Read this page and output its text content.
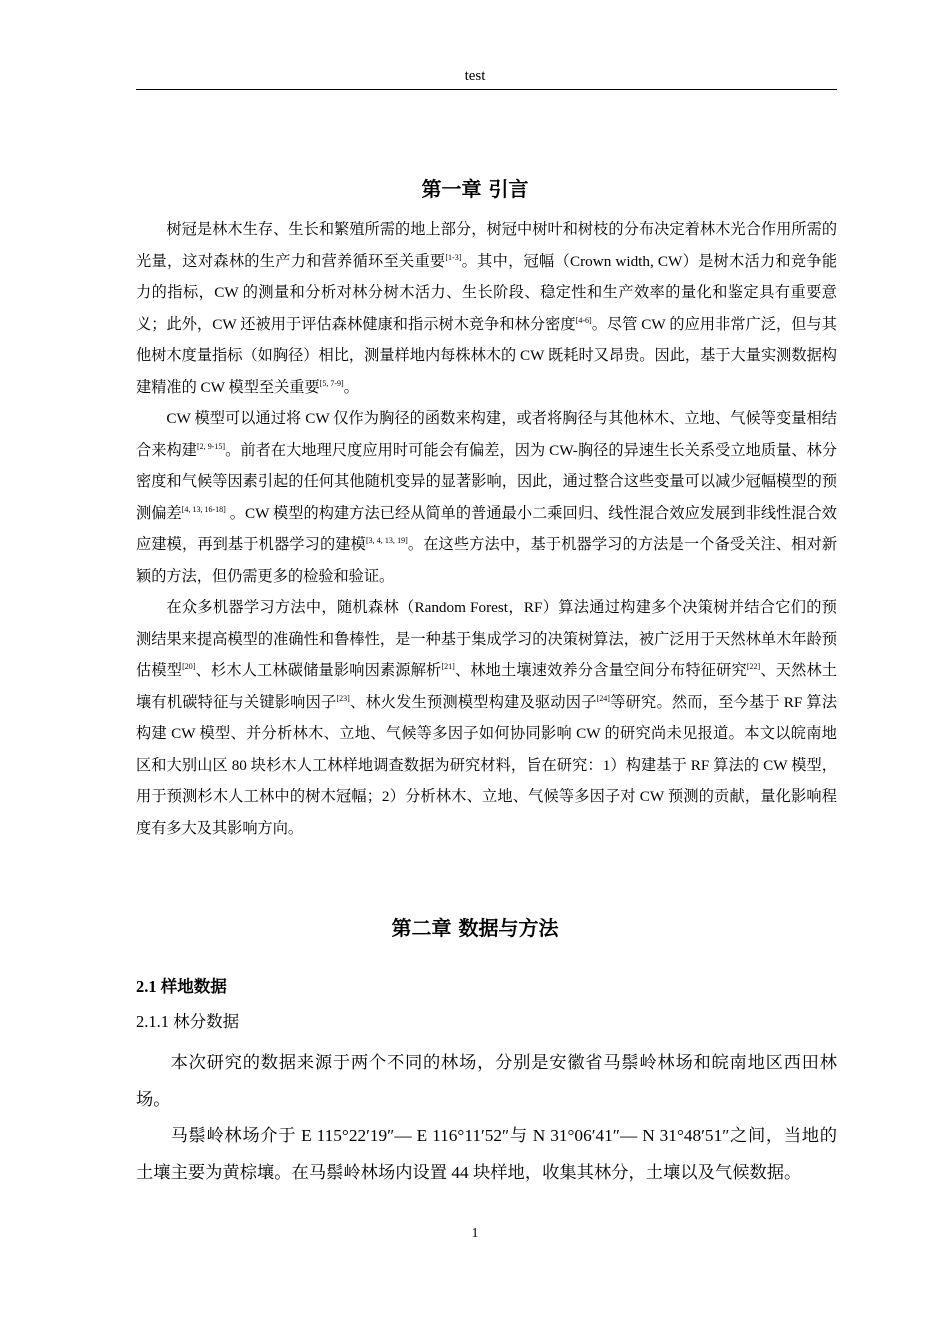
test
第一章 引言

树冠是林木生存、生长和繁殖所需的地上部分，树冠中树叶和树枝的分布决定着林木光合作用所需的光量，这对森林的生产力和营养循环至关重要[1-3]。其中，冠幅（Crown width, CW）是树木活力和竞争能力的指标，CW 的测量和分析对林分树木活力、生长阶段、稳定性和生产效率的量化和鉴定具有重要意义；此外，CW 还被用于评估森林健康和指示树木竞争和林分密度[4-6]。尽管 CW 的应用非常广泛，但与其他树木度量指标（如胸径）相比，测量样地内每株林木的 CW 既耗时又昂贵。因此，基于大量实测数据构建精准的 CW 模型至关重要[5, 7-9]。

CW 模型可以通过将 CW 仅作为胸径的函数来构建，或者将胸径与其他林木、立地、气候等变量相结合来构建[2, 9-15]。前者在大地理尺度应用时可能会有偏差，因为 CW-胸径的异速生长关系受立地质量、林分密度和气候等因素引起的任何其他随机变异的显著影响，因此，通过整合这些变量可以减少冠幅模型的预测偏差[4, 13, 16-18] 。CW 模型的构建方法已经从简单的普通最小二乘回归、线性混合效应发展到非线性混合效应建模，再到基于机器学习的建模[3, 4, 13, 19]。在这些方法中，基于机器学习的方法是一个备受关注、相对新颖的方法，但仍需更多的检验和验证。

在众多机器学习方法中，随机森林（Random Forest，RF）算法通过构建多个决策树并结合它们的预测结果来提高模型的准确性和鲁棒性，是一种基于集成学习的决策树算法，被广泛用于天然林单木年龄预估模型[20]、杉木人工林碳储量影响因素源解析[21]、林地土壤速效养分含量空间分布特征研究[22]、天然林土壤有机碳特征与关键影响因子[23]、林火发生预测模型构建及驱动因子[24]等研究。然而，至今基于 RF 算法构建 CW 模型、并分析林木、立地、气候等多因子如何协同影响 CW 的研究尚未见报道。本文以皖南地区和大别山区 80 块杉木人工林样地调查数据为研究材料，旨在研究：1）构建基于 RF 算法的 CW 模型，用于预测杉木人工林中的树木冠幅；2）分析林木、立地、气候等多因子对 CW 预测的贡献，量化影响程度有多大及其影响方向。

第二章 数据与方法
2.1 样地数据
2.1.1 林分数据

本次研究的数据来源于两个不同的林场，分别是安徽省马鬃岭林场和皖南地区西田林场。

马鬃岭林场介于 E 115°22′19″— E 116°11′52″与 N 31°06′41″— N 31°48′51″之间，当地的土壤主要为黄棕壤。在马鬃岭林场内设置 44 块样地，收集其林分，土壤以及气候数据。

1
